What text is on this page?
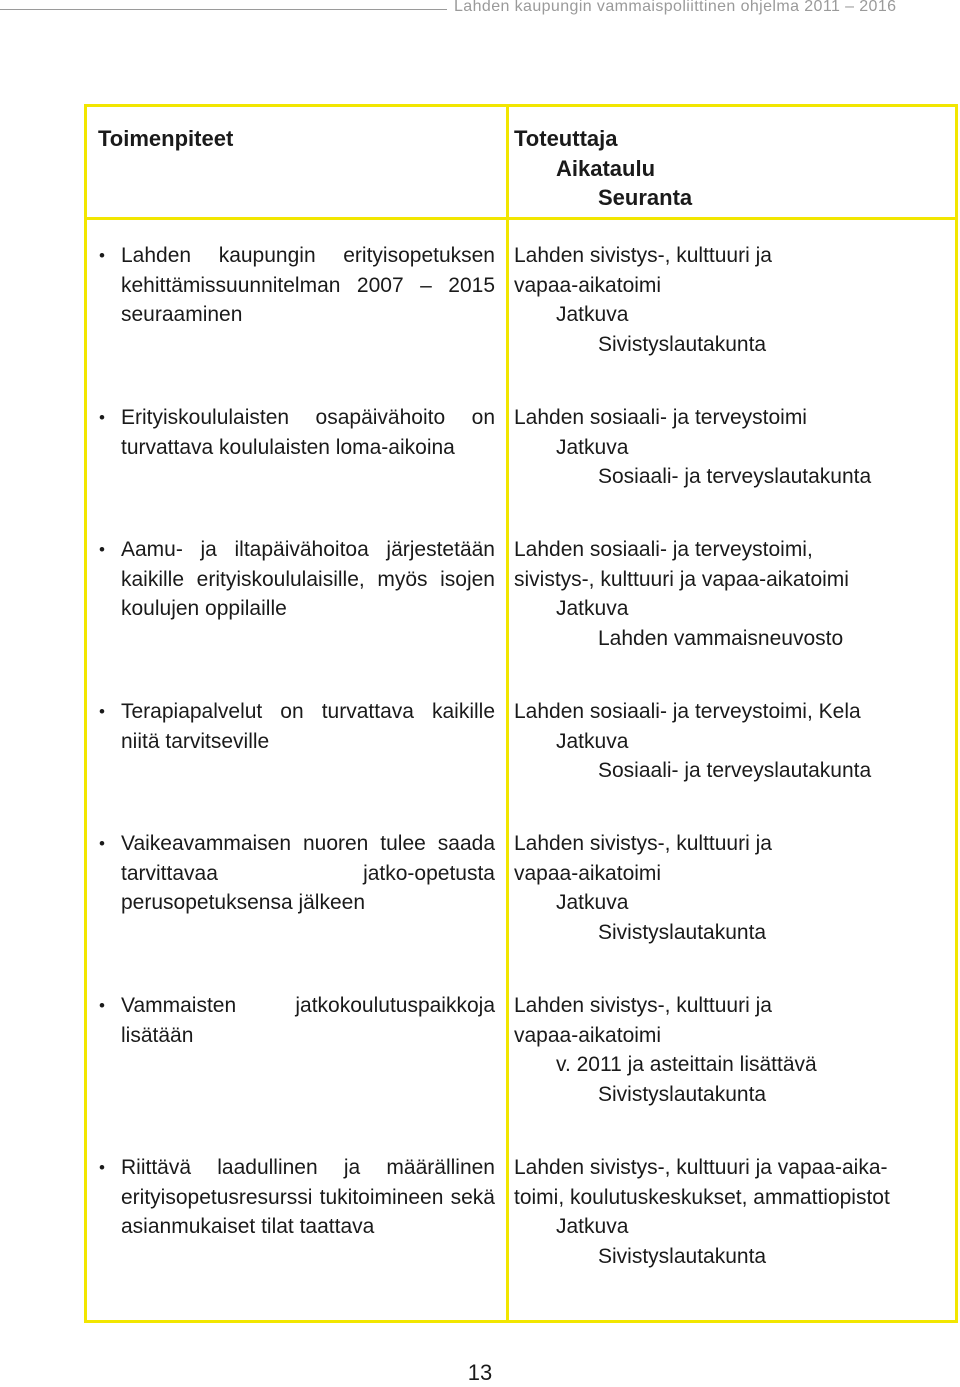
Lahden kaupungin vammaispoliittinen ohjelma 2011 – 2016
Toimenpiteet	Toteuttaja
Aikataulu
Seuranta
• Lahden kaupungin erityisopetuksen kehittämissuunnitelman 2007 – 2015 seuraaminen
Lahden sivistys-, kulttuuri ja
vapaa-aikatoimi
Jatkuva
Sivistyslautakunta
• Erityiskoululaisten osapäivähoito on turvattava koululaisten loma-aikoina
Lahden sosiaali- ja terveystoimi
Jatkuva
Sosiaali- ja terveyslautakunta
• Aamu- ja iltapäivähoitoa järjestetään kaikille erityiskoululaisille, myös isojen koulujen oppilaille
Lahden sosiaali- ja terveystoimi,
sivistys-, kulttuuri ja vapaa-aikatoimi
Jatkuva
Lahden vammaisneuvosto
• Terapiapalvelut on turvattava kaikille niitä tarvitseville
Lahden sosiaali- ja terveystoimi, Kela
Jatkuva
Sosiaali- ja terveyslautakunta
• Vaikeavammaisen nuoren tulee saada tarvittavaa jatko-opetusta perusopetuksensa jälkeen
Lahden sivistys-, kulttuuri ja
vapaa-aikatoimi
Jatkuva
Sivistyslautakunta
• Vammaisten jatkokoulutuspaikkoja lisätään
Lahden sivistys-, kulttuuri ja
vapaa-aikatoimi
v. 2011 ja asteittain lisättävä
Sivistyslautakunta
• Riittävä laadullinen ja määrällinen erityisopetusresurssi tukitoimineen sekä asianmukaiset tilat taattava
Lahden sivistys-, kulttuuri ja vapaa-aika-
toimi, koulutuskeskukset, ammattiopistot
Jatkuva
Sivistyslautakunta
13
